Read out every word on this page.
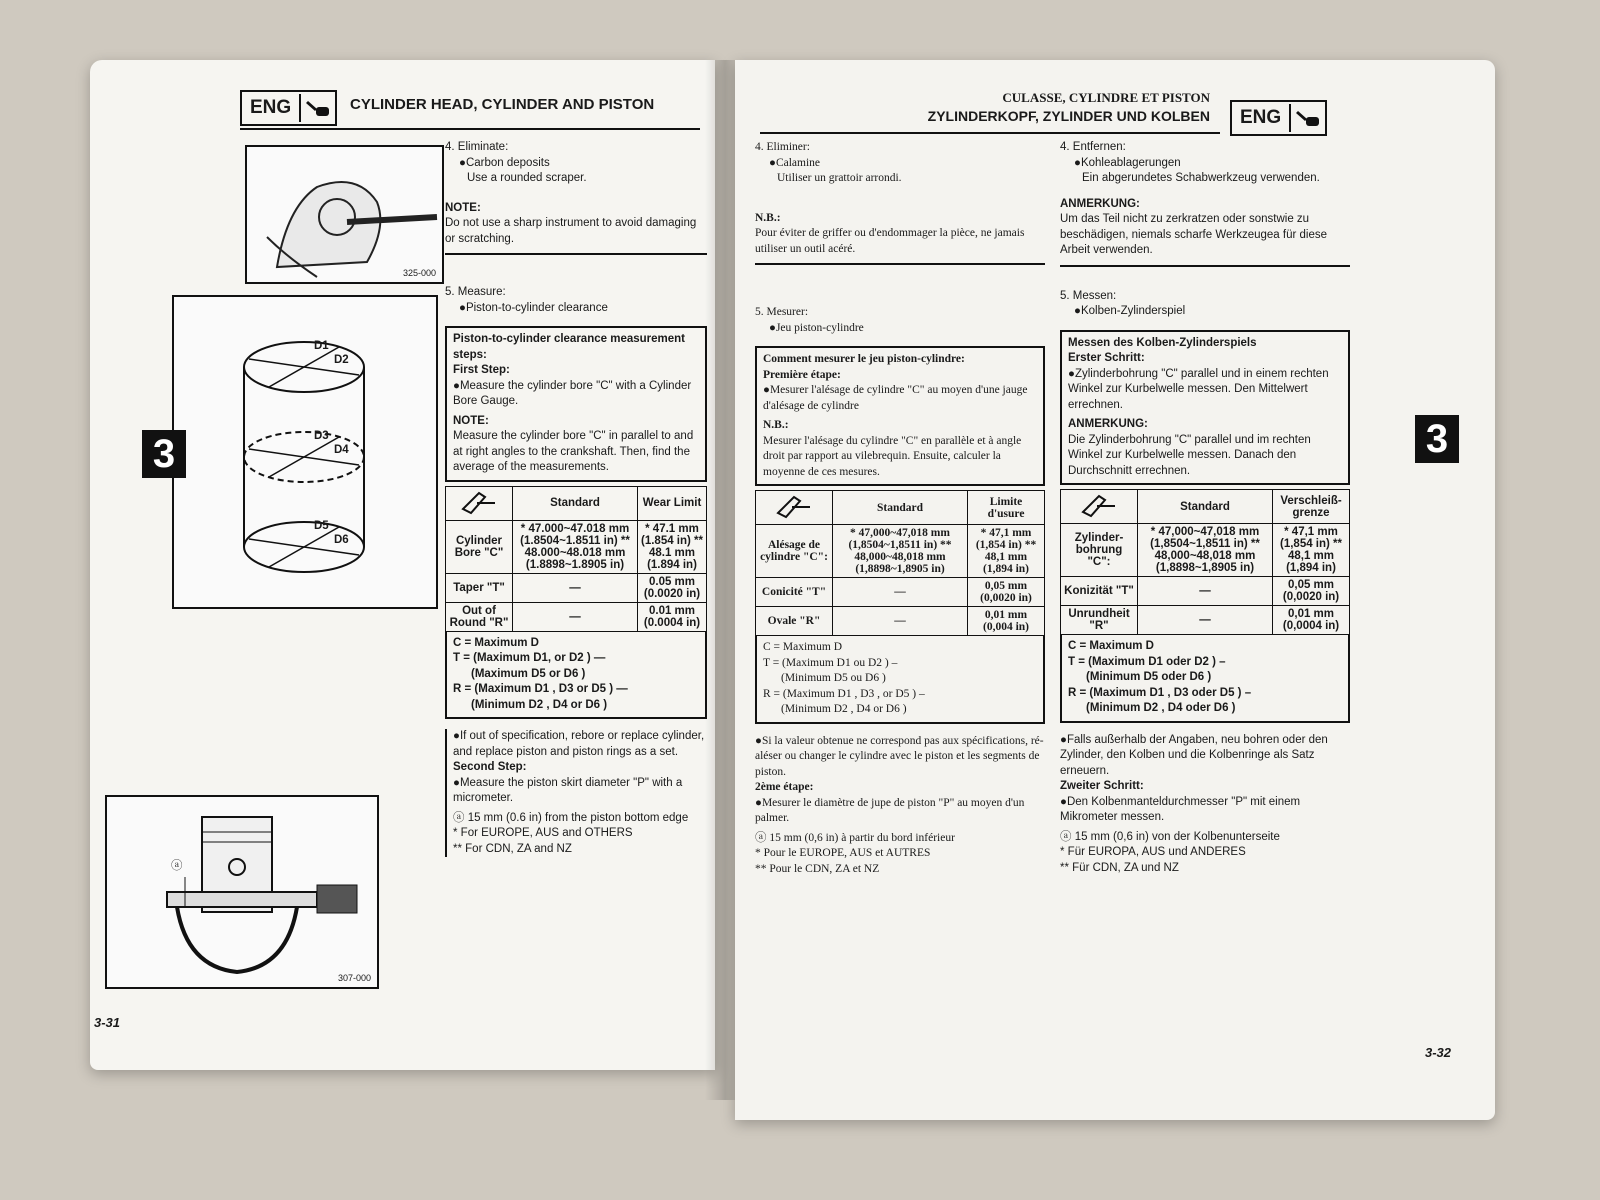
ENG	CYLINDER HEAD, CYLINDER AND PISTON
325-000
D1
D2
D3
D4
D5
D6
ⓐ
307-000
4. Eliminate:
● Carbon deposits
Use a rounded scraper.
NOTE:
Do not use a sharp instrument to avoid damaging or scratching.
5. Measure:
● Piston-to-cylinder clearance
Piston-to-cylinder clearance measurement steps:
First Step:
● Measure the cylinder bore "C" with a Cylinder Bore Gauge.
NOTE:
Measure the cylinder bore "C" in parallel to and at right angles to the crankshaft. Then, find the average of the measurements.
	Standard	Wear Limit
Cylinder Bore "C"	* 47.000~47.018 mm (1.8504~1.8511 in) ** 48.000~48.018 mm (1.8898~1.8905 in)	* 47.1 mm (1.854 in) ** 48.1 mm (1.894 in)
Taper "T"	—	0.05 mm (0.0020 in)
Out of Round "R"	—	0.01 mm (0.0004 in)
C = Maximum D
T = (Maximum D1, or D2 ) —
(Maximum D5 or D6 )
R = (Maximum D1 , D3 or D5 ) —
(Minimum D2 , D4 or D6 )
● If out of specification, rebore or replace cylinder, and replace piston and piston rings as a set.
Second Step:
● Measure the piston skirt diameter "P" with a micrometer.
ⓐ 15 mm (0.6 in) from the piston bottom edge
* For EUROPE, AUS and OTHERS
** For CDN, ZA and NZ
3
3-31
CULASSE, CYLINDRE ET PISTON
ZYLINDERKOPF, ZYLINDER UND KOLBEN	ENG
4. Eliminer:
● Calamine
Utiliser un grattoir arrondi.
N.B.:
Pour éviter de griffer ou d'endommager la pièce, ne jamais utiliser un outil acéré.
5. Mesurer:
● Jeu piston-cylindre
Comment mesurer le jeu piston-cylindre:
Première étape:
● Mesurer l'alésage de cylindre "C" au moyen d'une jauge d'alésage de cylindre
N.B.:
Mesurer l'alésage du cylindre "C" en parallèle et à angle droit par rapport au vilebrequin. Ensuite, calculer la moyenne de ces mesures.
	Standard	Limite d'usure
Alésage de cylindre "C":	* 47,000~47,018 mm (1,8504~1,8511 in) ** 48,000~48,018 mm (1,8898~1,8905 in)	* 47,1 mm (1,854 in) ** 48,1 mm (1,894 in)
Conicité "T"	—	0,05 mm (0,0020 in)
Ovale "R"	—	0,01 mm (0,004 in)
C = Maximum D
T = (Maximum D1 ou D2 ) –
(Minimum D5 ou D6 )
R = (Maximum D1 , D3 , or D5 ) –
(Minimum D2 , D4 or D6 )
● Si la valeur obtenue ne correspond pas aux spécifications, ré-aléser ou changer le cylindre avec le piston et les segments de piston.
2ème étape:
● Mesurer le diamètre de jupe de piston "P" au moyen d'un palmer.
ⓐ 15 mm (0,6 in) à partir du bord inférieur
* Pour le EUROPE, AUS et AUTRES
** Pour le CDN, ZA et NZ
4. Entfernen:
● Kohleablagerungen
Ein abgerundetes Schabwerkzeug verwenden.
ANMERKUNG:
Um das Teil nicht zu zerkratzen oder sonstwie zu beschädigen, niemals scharfe Werkzeugea für diese Arbeit verwenden.
5. Messen:
● Kolben-Zylinderspiel
Messen des Kolben-Zylinderspiels
Erster Schritt:
● Zylinderbohrung "C" parallel und in einem rechten Winkel zur Kurbelwelle messen. Den Mittelwert errechnen.
ANMERKUNG:
Die Zylinderbohrung "C" parallel und im rechten Winkel zur Kurbelwelle messen. Danach den Durchschnitt errechnen.
	Standard	Verschleiß-grenze
Zylinder-bohrung "C":	* 47,000~47,018 mm (1,8504~1,8511 in) ** 48,000~48,018 mm (1,8898~1,8905 in)	* 47,1 mm (1,854 in) ** 48,1 mm (1,894 in)
Konizität "T"	—	0,05 mm (0,0020 in)
Unrundheit "R"	—	0,01 mm (0,0004 in)
C = Maximum D
T = (Maximum D1 oder D2 ) –
(Minimum D5 oder D6 )
R = (Maximum D1 , D3 oder D5 ) –
(Minimum D2 , D4 oder D6 )
● Falls außerhalb der Angaben, neu bohren oder den Zylinder, den Kolben und die Kolbenringe als Satz erneuern.
Zweiter Schritt:
● Den Kolbenmanteldurchmesser "P" mit einem Mikrometer messen.
ⓐ 15 mm (0,6 in) von der Kolbenunterseite
* Für EUROPA, AUS und ANDERES
** Für CDN, ZA und NZ
3
3-32
